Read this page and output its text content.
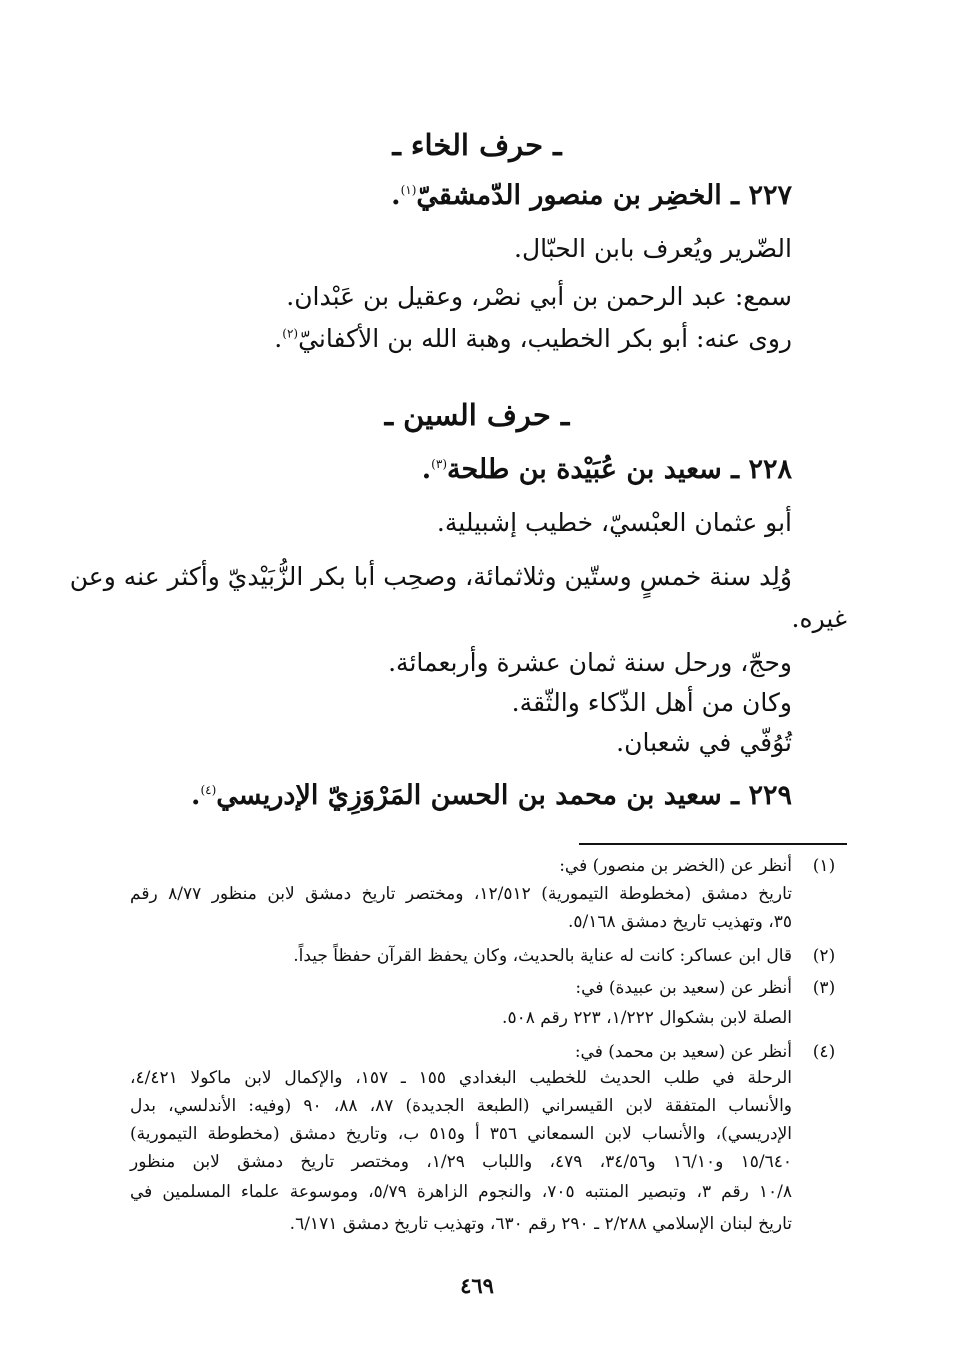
ـ حرف الخاء ـ
٢٢٧ ـ الخضِر بن منصور الدّمشقيّ$^{(١)}$.
الضّرير ويُعرف بابن الحبّال.
سمع: عبد الرحمن بن أبي نصْر، وعقيل بن عَبْدان.
روى عنه: أبو بكر الخطيب، وهبة الله بن الأكفانيّ$^{(٢)}$.
ـ حرف السين ـ
٢٢٨ ـ سعيد بن عُبَيْدة بن طلحة$^{(٣)}$.
أبو عثمان العبْسيّ، خطيب إشبيلية.
وُلِد سنة خمسٍ وستّين وثلاثمائة، وصحِب أبا بكر الزُّبَيْديّ وأكثر عنه وعن
غيره.
وحجّ، ورحل سنة ثمان عشرة وأربعمائة.
وكان من أهل الذّكاء والثّقة.
تُوُفّي في شعبان.
٢٢٩ ـ سعيد بن محمد بن الحسن المَرْوَزِيّ الإدريسي$^{(٤)}$.
(١)
أنظر عن (الخضر بن منصور) في:
تاريخ دمشق (مخطوطة التيمورية) ١٢/٥١٢، ومختصر تاريخ دمشق لابن منظور ٨/٧٧ رقم
٣٥، وتهذيب تاريخ دمشق ٥/١٦٨.
(٢)
قال ابن عساكر: كانت له عناية بالحديث، وكان يحفظ القرآن حفظاً جيداً.
(٣)
أنظر عن (سعيد بن عبيدة) في:
الصلة لابن بشكوال ١/٢٢٢، ٢٢٣ رقم ٥٠٨.
(٤)
أنظر عن (سعيد بن محمد) في:
الرحلة في طلب الحديث للخطيب البغدادي ١٥٥ ـ ١٥٧، والإكمال لابن ماكولا ٤/٤٢١،
والأنساب المتفقة لابن القيسراني (الطبعة الجديدة) ٨٧، ٨٨، ٩٠ (وفيه: الأندلسي، بدل
الإدريسي)، والأنساب لابن السمعاني ٣٥٦ أ و٥١٥ ب، وتاريخ دمشق (مخطوطة التيمورية)
١٥/٦٤٠ و١٦/١٠ و٣٤/٥٦، ٤٧٩، واللباب ١/٢٩، ومختصر تاريخ دمشق لابن منظور
١٠/٨ رقم ٣، وتبصير المنتبه ٧٠٥، والنجوم الزاهرة ٥/٧٩، وموسوعة علماء المسلمين في
تاريخ لبنان الإسلامي ٢/٢٨٨ ـ ٢٩٠ رقم ٦٣٠، وتهذيب تاريخ دمشق ٦/١٧١.
٤٦٩
